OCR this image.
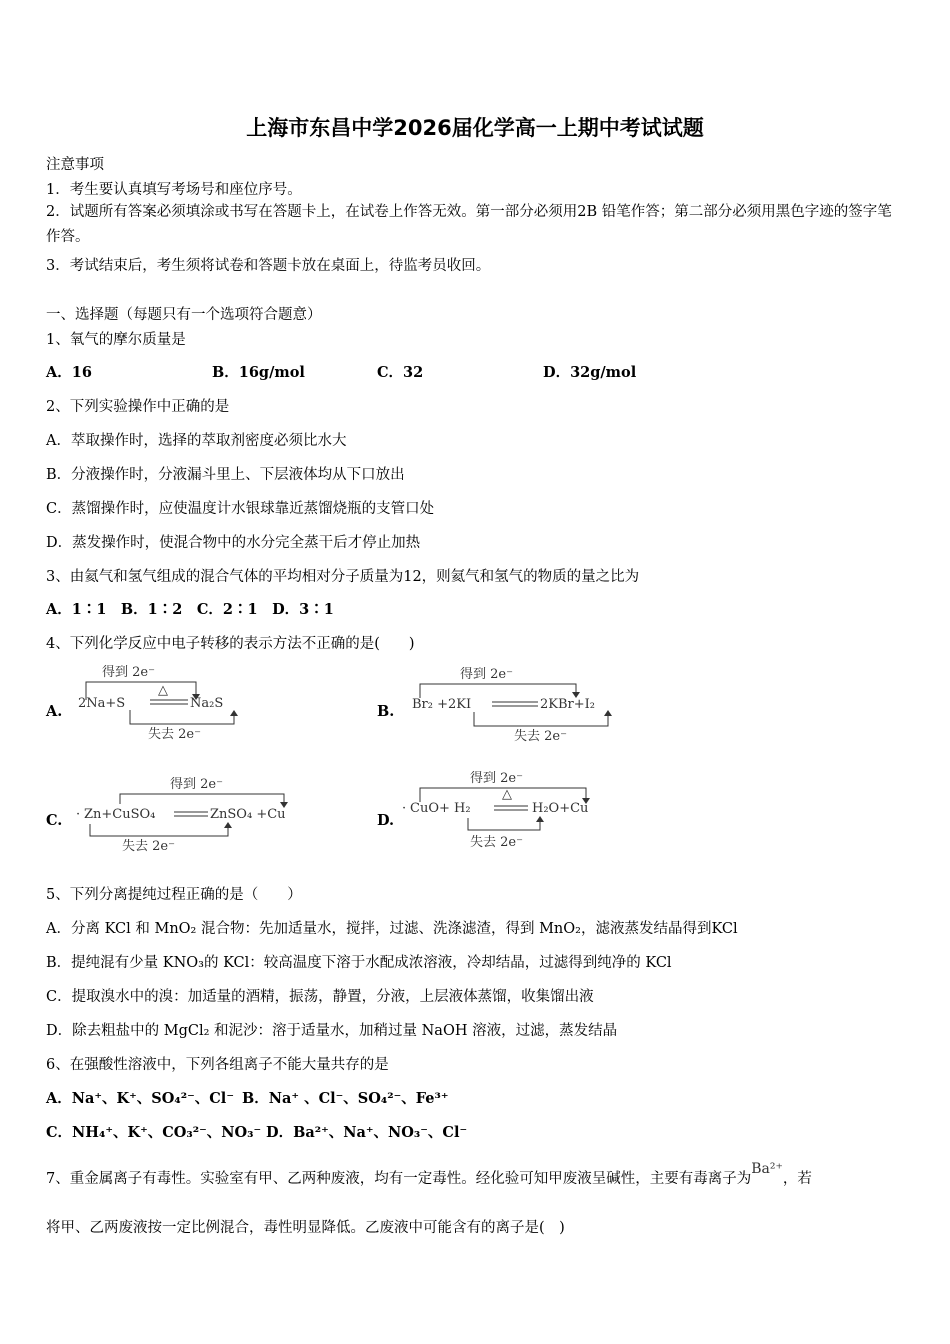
上海市东昌中学2026届化学高一上期中考试试题
注意事项
1．考生要认真填写考场号和座位序号。
2．试题所有答案必须填涂或书写在答题卡上，在试卷上作答无效。第一部分必须用2B 铅笔作答；第二部分必须用黑色字迹的签字笔作答。
3．考试结束后，考生须将试卷和答题卡放在桌面上，待监考员收回。
一、选择题（每题只有一个选项符合题意）
1、氧气的摩尔质量是
A．16	B．16g/mol	C．32	D．32g/mol
2、下列实验操作中正确的是
A．萃取操作时，选择的萃取剂密度必须比水大
B．分液操作时，分液漏斗里上、下层液体均从下口放出
C．蒸馏操作时，应使温度计水银球靠近蒸馏烧瓶的支管口处
D．蒸发操作时，使混合物中的水分完全蒸干后才停止加热
3、由氦气和氢气组成的混合气体的平均相对分子质量为12，则氦气和氢气的物质的量之比为
A．1∶1　B．1∶2　C．2∶1　D．3∶1
4、下列化学反应中电子转移的表示方法不正确的是(　　)
A.
得到 2e⁻
2Na+S
△
Na₂S
失去 2e⁻
B.
得到 2e⁻
Br₂ +2KI	2KBr+I₂
失去 2e⁻
C.
得到 2e⁻
· Zn+CuSO₄	ZnSO₄ +Cu
失去 2e⁻
D.
得到 2e⁻
· CuO+ H₂
△
H₂O+Cu
失去 2e⁻
5、下列分离提纯过程正确的是（　　）
A．分离 KCl 和 MnO₂ 混合物：先加适量水，搅拌，过滤、洗涤滤渣，得到 MnO₂，滤液蒸发结晶得到KCl
B．提纯混有少量 KNO₃的 KCl：较高温度下溶于水配成浓溶液，冷却结晶，过滤得到纯净的 KCl
C．提取溴水中的溴：加适量的酒精，振荡，静置，分液，上层液体蒸馏，收集馏出液
D．除去粗盐中的 MgCl₂ 和泥沙：溶于适量水，加稍过量 NaOH 溶液，过滤，蒸发结晶
6、在强酸性溶液中，下列各组离子不能大量共存的是
A．Na⁺、K⁺、SO₄²⁻、Cl⁻ B．Na⁺ 、Cl⁻、SO₄²⁻、Fe³⁺
C．NH₄⁺、K⁺、CO₃²⁻、NO₃⁻ D．Ba²⁺、Na⁺、NO₃⁻、Cl⁻
7、重金属离子有毒性。实验室有甲、乙两种废液，均有一定毒性。经化验可知甲废液呈碱性，主要有毒离子为Ba²⁺，若
将甲、乙两废液按一定比例混合，毒性明显降低。乙废液中可能含有的离子是(　)
